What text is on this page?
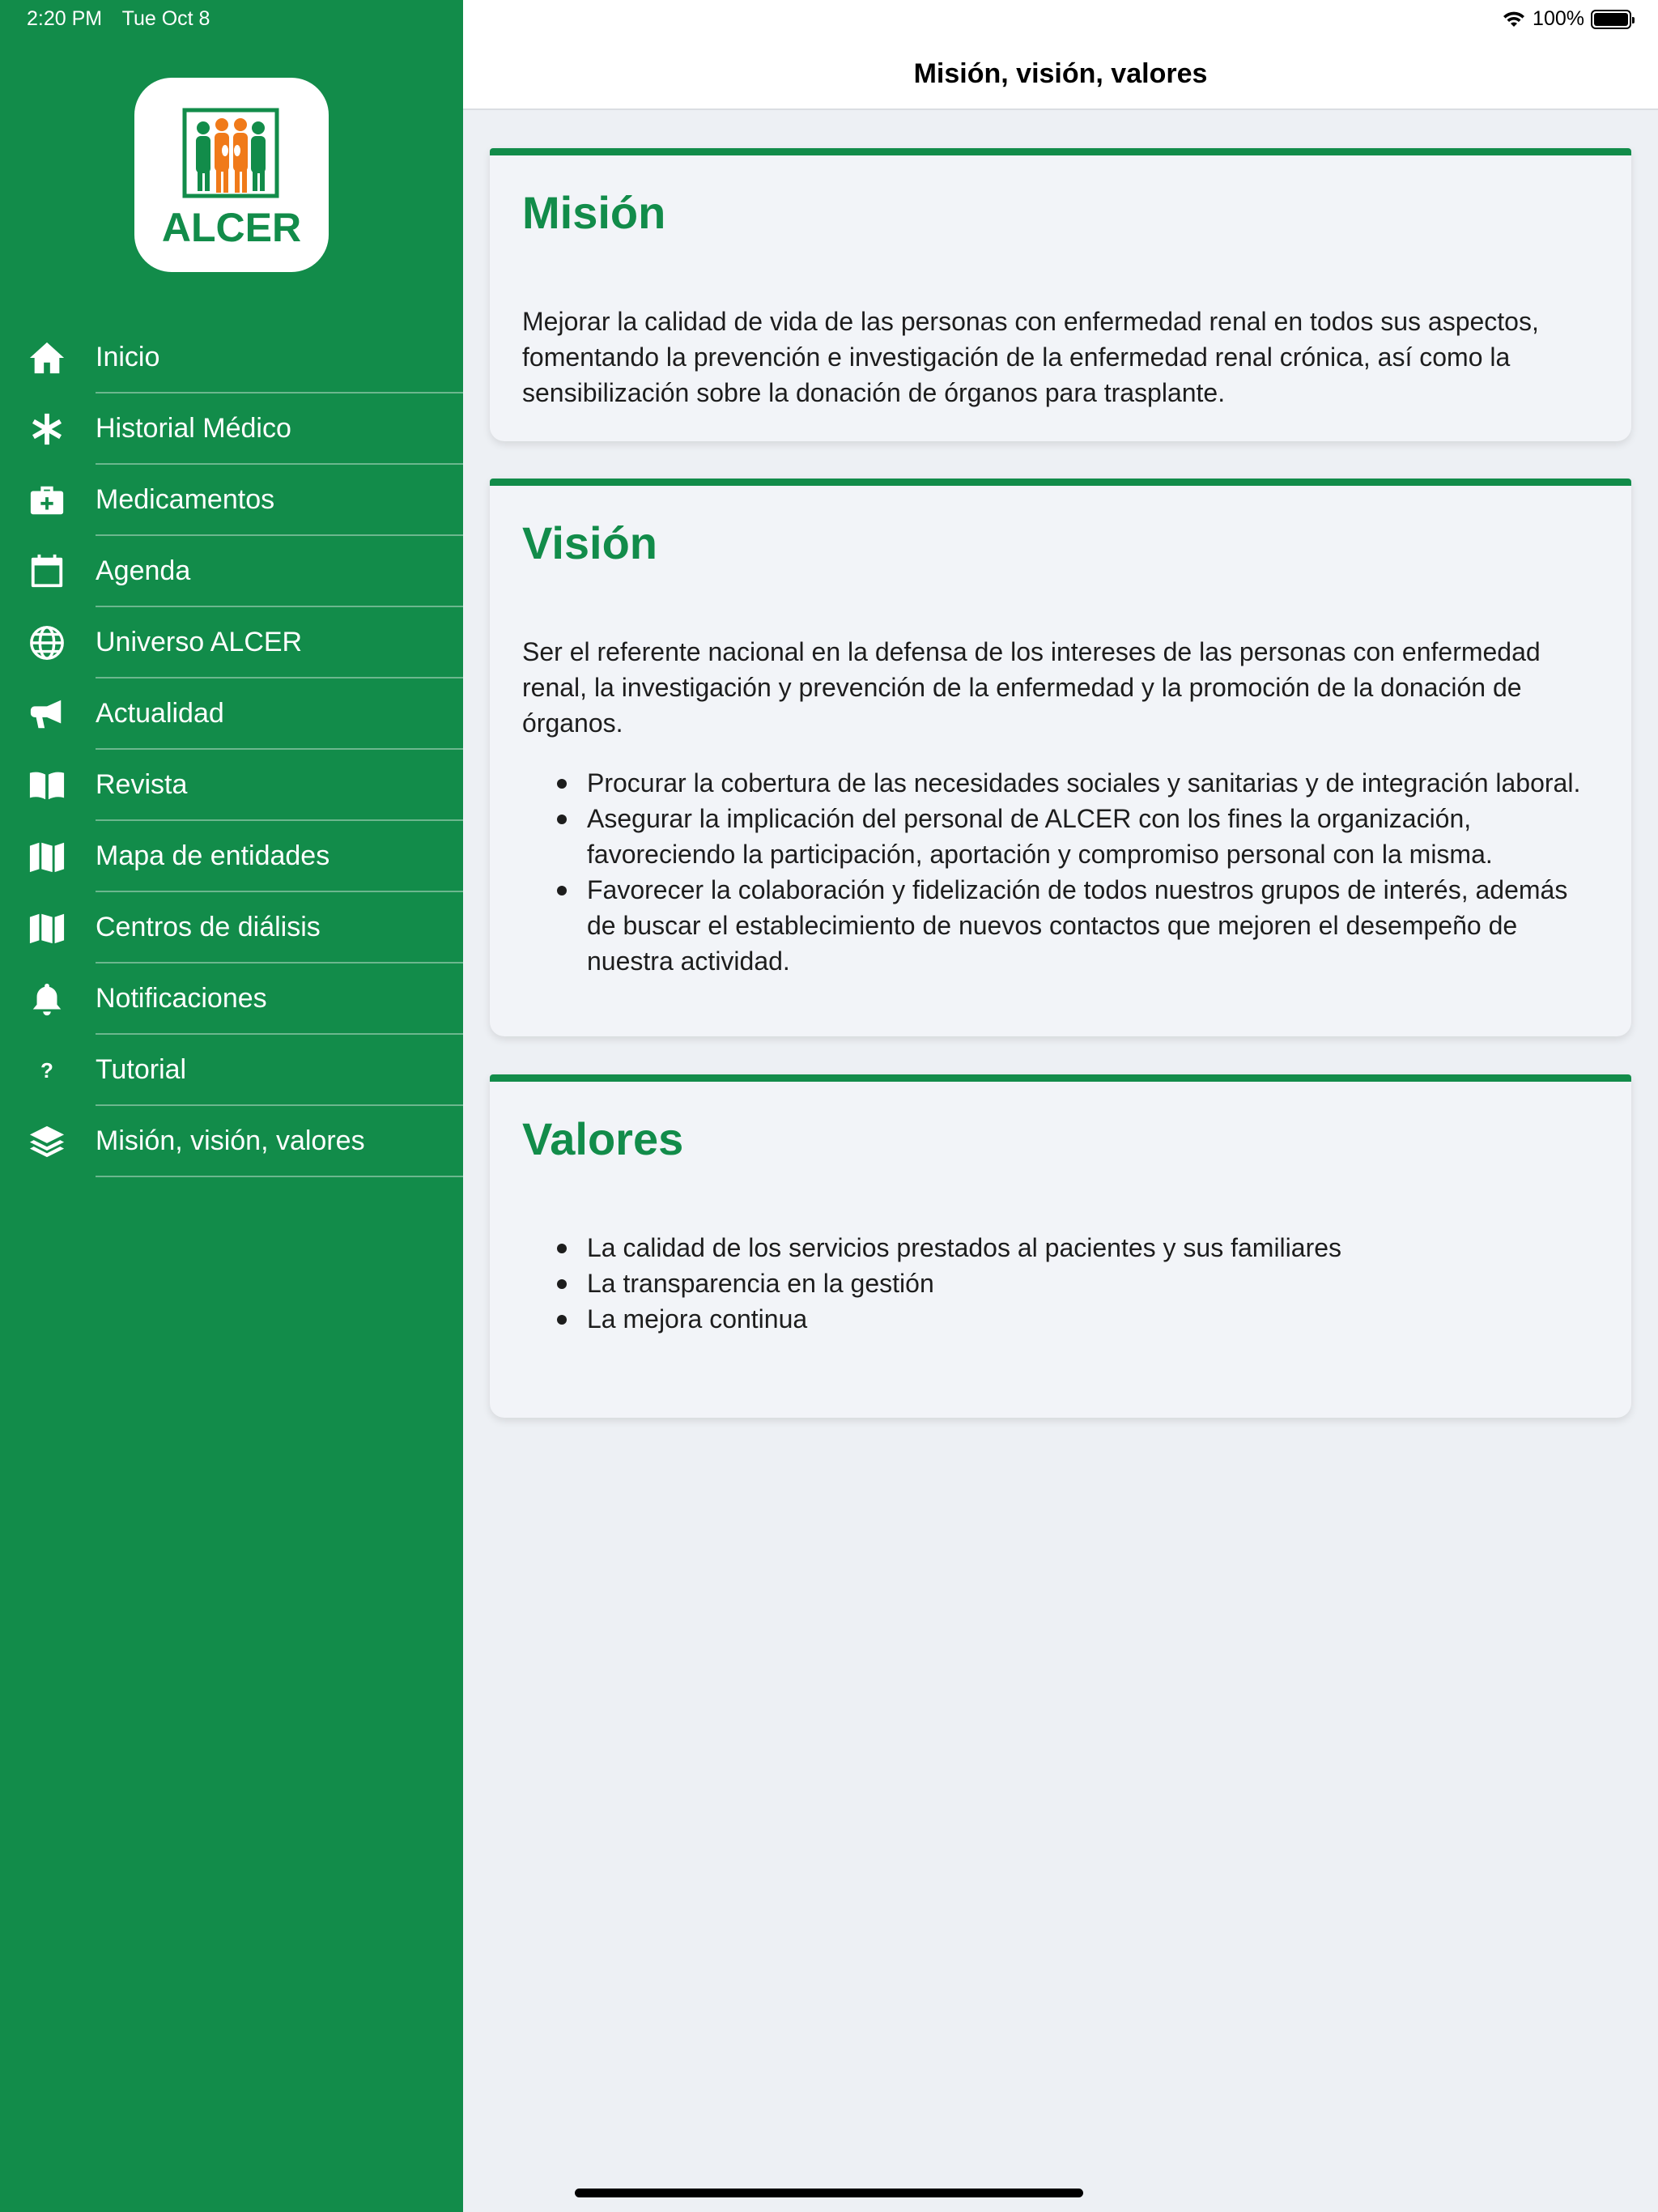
2:20 PM Tue Oct 8	100%
ALCER
Inicio
Historial Médico
Medicamentos
Agenda
Universo ALCER
Actualidad
Revista
Mapa de entidades
Centros de diálisis
Notificaciones
? Tutorial
Misión, visión, valores
Misión, visión, valores
Misión

Mejorar la calidad de vida de las personas con enfermedad renal en todos sus aspectos, fomentando la prevención e investigación de la enfermedad renal crónica, así como la sensibilización sobre la donación de órganos para trasplante.

Visión

Ser el referente nacional en la defensa de los intereses de las personas con enfermedad renal, la investigación y prevención de la enfermedad y la promoción de la donación de órganos.

Procurar la cobertura de las necesidades sociales y sanitarias y de integración laboral.
Asegurar la implicación del personal de ALCER con los fines la organización, favoreciendo la participación, aportación y compromiso personal con la misma.
Favorecer la colaboración y fidelización de todos nuestros grupos de interés, además de buscar el establecimiento de nuevos contactos que mejoren el desempeño de nuestra actividad.
Valores
La calidad de los servicios prestados al pacientes y sus familiares
La transparencia en la gestión
La mejora continua
